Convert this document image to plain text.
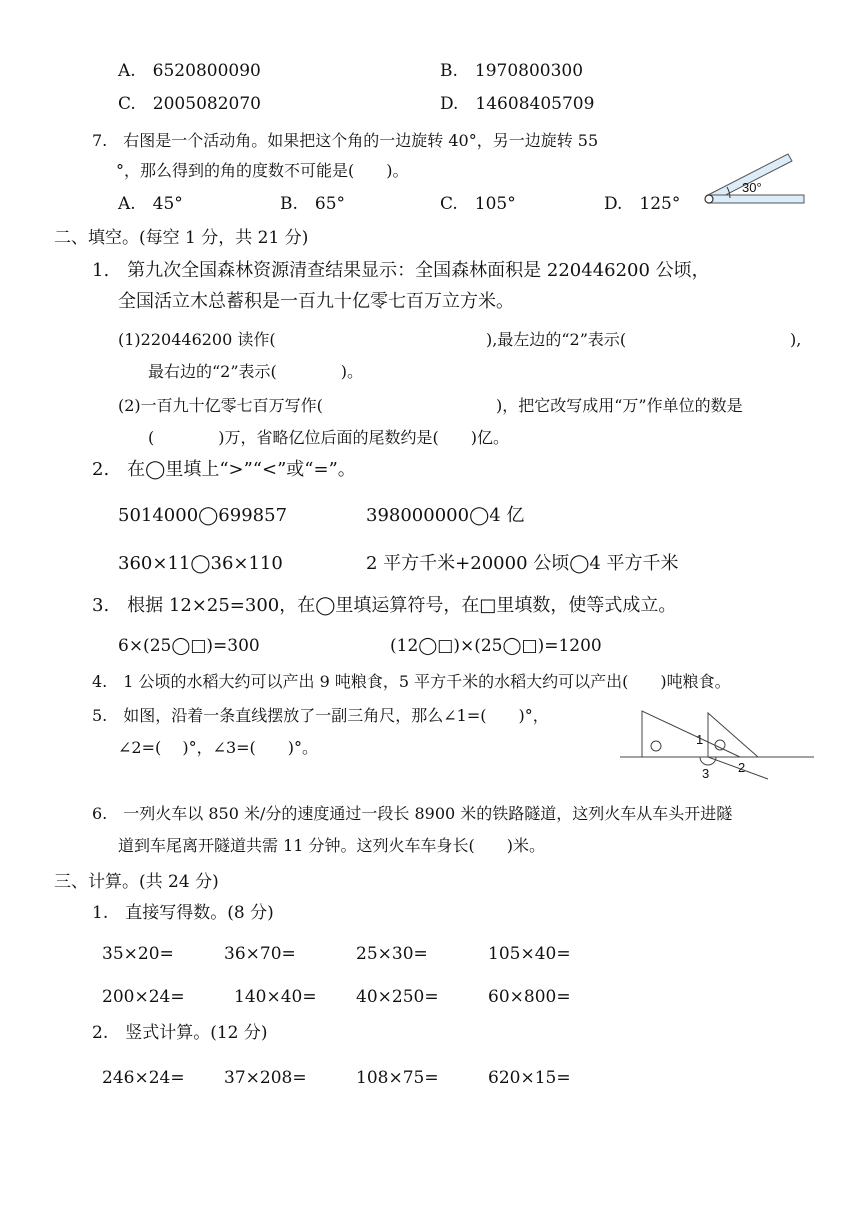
A.　6520800090	B.　1970800300
C.　2005082070	D.　14608405709
7.　右图是一个活动角。如果把这个角的一边旋转 40°，另一边旋转 55
°，那么得到的角的度数不可能是(　　)。
A.　45°	B.　65°	C.　105°	D.　125°
30°
二、填空。(每空 1 分，共 21 分)
1.　第九次全国森林资源清查结果显示：全国森林面积是 220446200 公顷，
全国活立木总蓄积是一百九十亿零七百万立方米。
(1)220446200 读作(	),最左边的“2”表示(	),
最右边的“2”表示(　　　　)。
(2)一百九十亿零七百万写作(	)，把它改写成用“万”作单位的数是
(　　　　)万，省略亿位后面的尾数约是(　　)亿。
2.　在◯里填上“>”“<”或“=”。
5014000◯699857	398000000◯4 亿
360×11◯36×110	2 平方千米+20000 公顷◯4 平方千米
3.　根据 12×25=300，在◯里填运算符号，在□里填数，使等式成立。
6×(25◯□)=300	(12◯□)×(25◯□)=1200
4.　1 公顷的水稻大约可以产出 9 吨粮食，5 平方千米的水稻大约可以产出(　　)吨粮食。
5.　如图，沿着一条直线摆放了一副三角尺，那么∠1=(　　)°，
∠2=(　 )°，∠3=(　　)°。	1
2
3
6.　一列火车以 850 米/分的速度通过一段长 8900 米的铁路隧道，这列火车从车头开进隧
道到车尾离开隧道共需 11 分钟。这列火车车身长(　　)米。
三、计算。(共 24 分)
1.　直接写得数。(8 分)
35×20=	36×70=	25×30=	105×40=
200×24=	140×40= 40×250=	60×800=
2.　竖式计算。(12 分)
246×24= 37×208=	108×75=	620×15=
